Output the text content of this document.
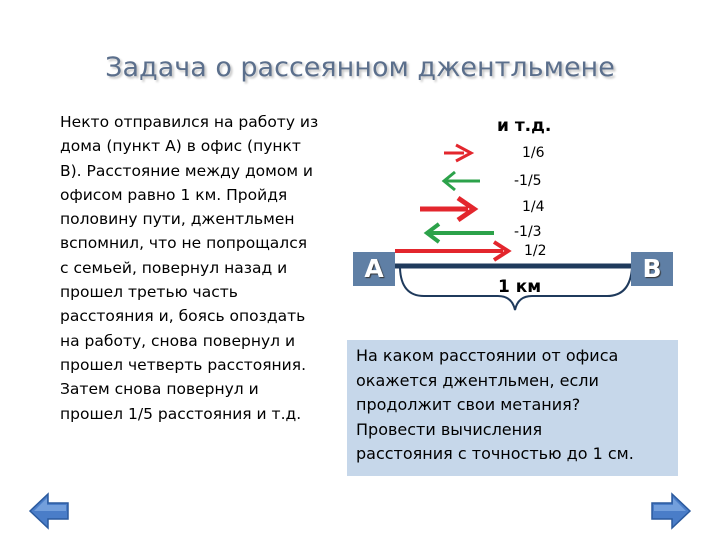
Задача о рассеянном джентльмене
Некто отправился на работу из
дома (пункт А) в офис (пункт
В). Расстояние между домом и
офисом равно 1 км. Пройдя
половину пути, джентльмен
вспомнил, что не попрощался
с семьей, повернул назад и
прошел третью часть
расстояния и, боясь опоздать
на работу, снова повернул и
прошел четверть расстояния.
Затем снова повернул и
прошел 1/5 расстояния и т.д.
и т.д.
1/6
-1/5
1/4
-1/3
1/2
А	В
1 км
На каком расстоянии от офиса
окажется джентльмен, если
продолжит свои метания?
Провести вычисления
расстояния с точностью до 1 см.
